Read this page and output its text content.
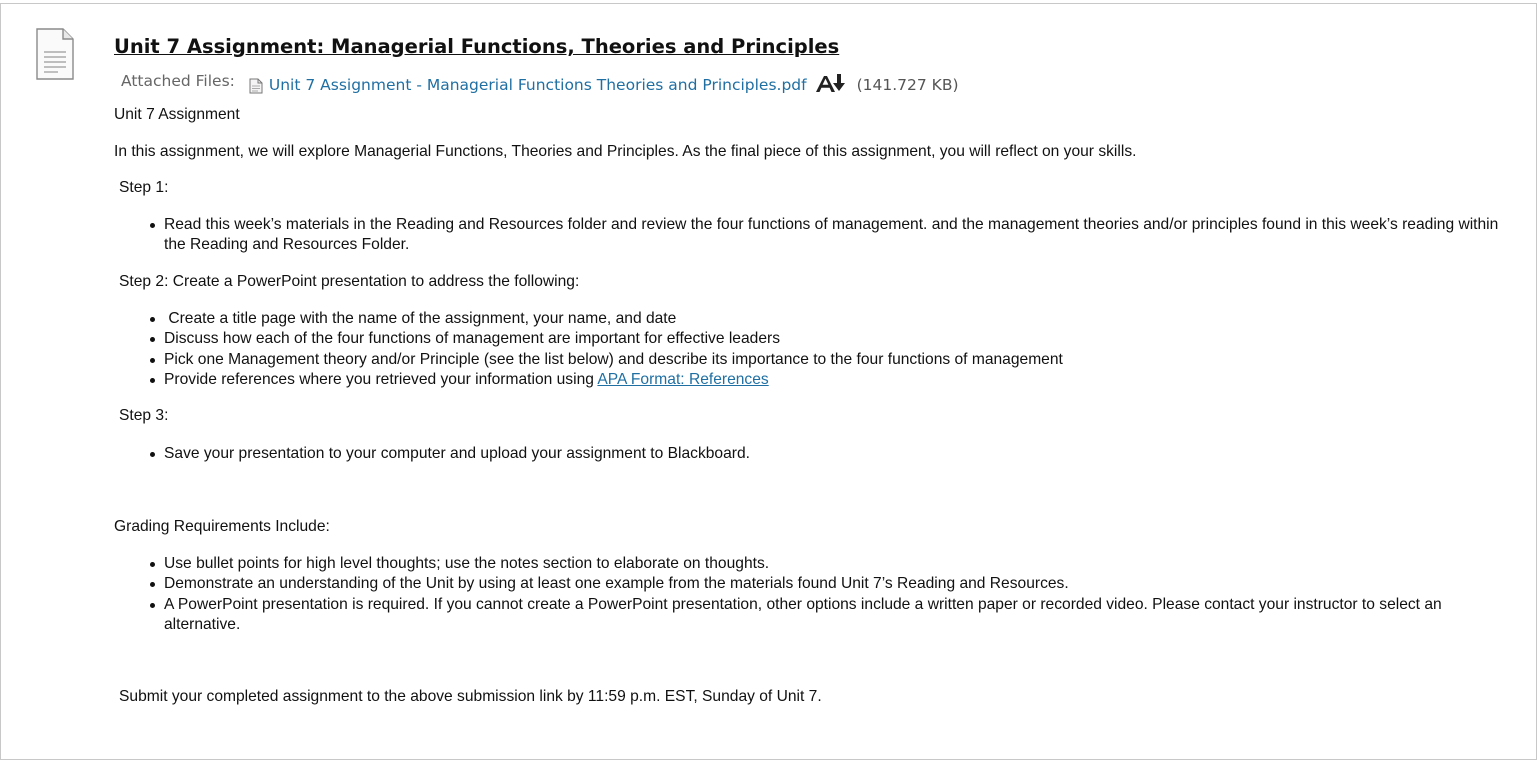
Unit 7 Assignment: Managerial Functions, Theories and Principles
Attached Files: Unit 7 Assignment - Managerial Functions Theories and Principles.pdf	(141.727 KB)

Unit 7 Assignment

In this assignment, we will explore Managerial Functions, Theories and Principles. As the final piece of this assignment, you will reflect on your skills.

Step 1:

Read this week’s materials in the Reading and Resources folder and review the four functions of management. and the management theories and/or principles found in this week’s reading within the Reading and Resources Folder.

Step 2: Create a PowerPoint presentation to address the following:

Create a title page with the name of the assignment, your name, and date
Discuss how each of the four functions of management are important for effective leaders
Pick one Management theory and/or Principle (see the list below) and describe its importance to the four functions of management
Provide references where you retrieved your information using APA Format: References

Step 3:

Save your presentation to your computer and upload your assignment to Blackboard.

Grading Requirements Include:

Use bullet points for high level thoughts; use the notes section to elaborate on thoughts.
Demonstrate an understanding of the Unit by using at least one example from the materials found Unit 7’s Reading and Resources.
A PowerPoint presentation is required. If you cannot create a PowerPoint presentation, other options include a written paper or recorded video. Please contact your instructor to select an alternative.

Submit your completed assignment to the above submission link by 11:59 p.m. EST, Sunday of Unit 7.
